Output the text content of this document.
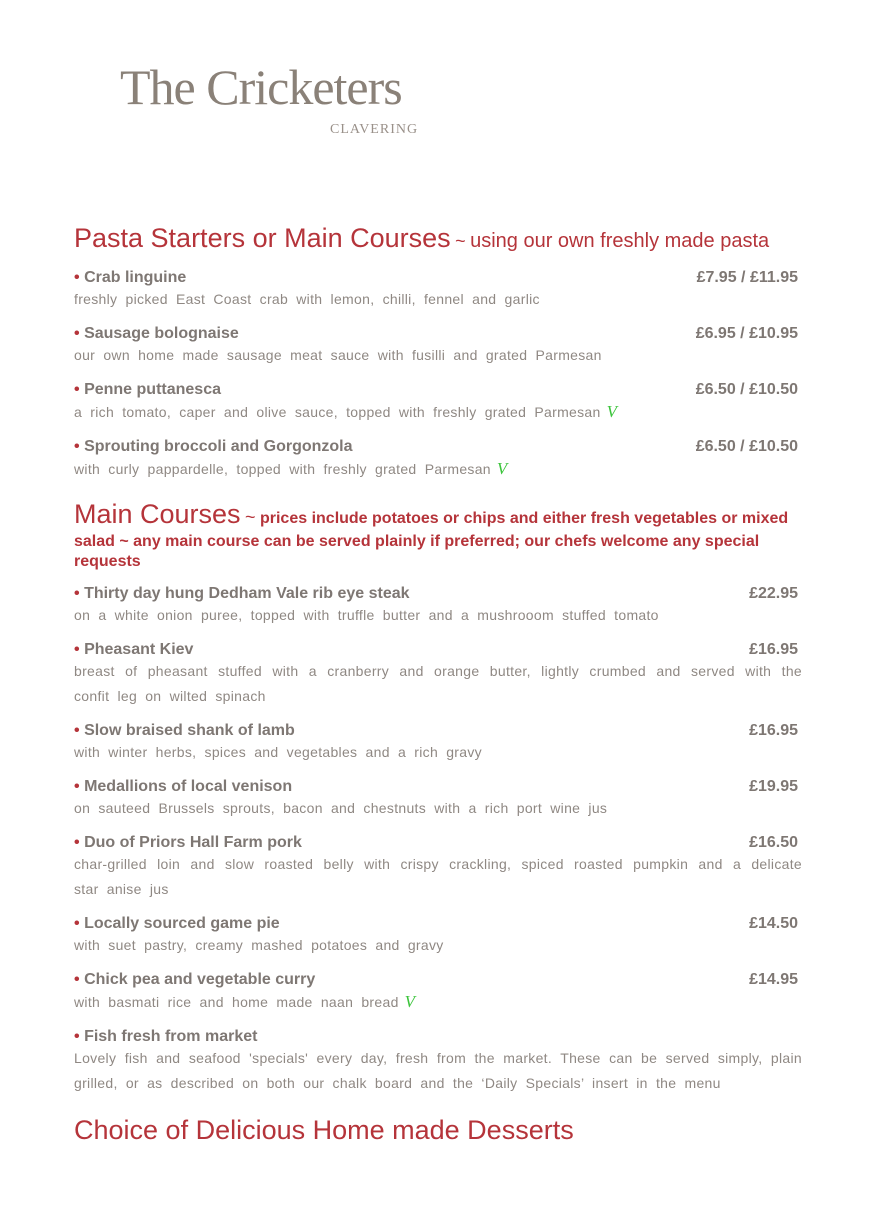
The Cricketers
CLAVERING
Pasta Starters or Main Courses ~ using our own freshly made pasta
• Crab linguine	£7.95 / £11.95
freshly picked East Coast crab with lemon, chilli, fennel and garlic
• Sausage bolognaise	£6.95 / £10.95
our own home made sausage meat sauce with fusilli and grated Parmesan
• Penne puttanesca	£6.50 / £10.50
a rich tomato, caper and olive sauce, topped with freshly grated Parmesan V
• Sprouting broccoli and Gorgonzola	£6.50 / £10.50
with curly pappardelle, topped with freshly grated Parmesan V
Main Courses ~ prices include potatoes or chips and either fresh vegetables or mixed salad ~ any main course can be served plainly if preferred; our chefs welcome any special requests
• Thirty day hung Dedham Vale rib eye steak	£22.95
on a white onion puree, topped with truffle butter and a mushrooom stuffed tomato
• Pheasant Kiev	£16.95
breast of pheasant stuffed with a cranberry and orange butter, lightly crumbed and served with the confit leg on wilted spinach
• Slow braised shank of lamb	£16.95
with winter herbs, spices and vegetables and a rich gravy
• Medallions of local venison	£19.95
on sauteed Brussels sprouts, bacon and chestnuts with a rich port wine jus
• Duo of Priors Hall Farm pork	£16.50
char-grilled loin and slow roasted belly with crispy crackling, spiced roasted pumpkin and a delicate star anise jus
• Locally sourced game pie	£14.50
with suet pastry, creamy mashed potatoes and gravy
• Chick pea and vegetable curry	£14.95
with basmati rice and home made naan bread V
• Fish fresh from market
Lovely fish and seafood 'specials' every day, fresh from the market. These can be served simply, plain grilled, or as described on both our chalk board and the ‘Daily Specials’ insert in the menu
Choice of Delicious Home made Desserts
